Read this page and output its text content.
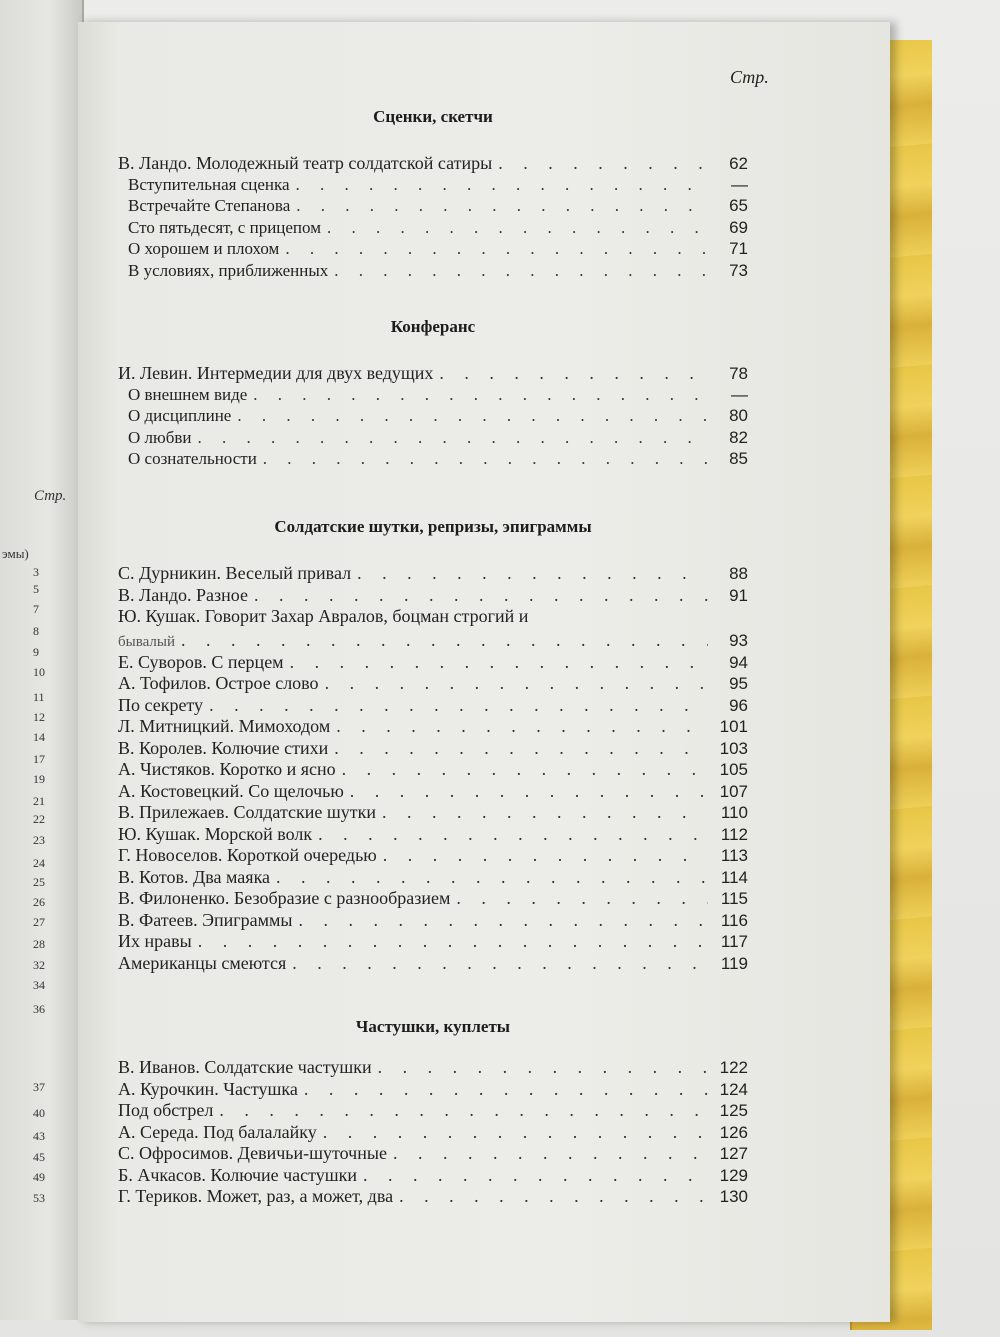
Стр.
эмы)
3
5
7
8
9
10
11
12
14
17
19
21
22
23
24
25
26
27
28
32
34
36
37
40
43
45
49
53
Стр.
Сценки, скетчи
В. Ландо. Молодежный театр солдатской сатиры . . .	62
Вступительная сценка . . .	—
Встречайте Степанова . . .	65
Сто пятьдесят, с прицепом . . .	69
О хорошем и плохом . . .	71
В условиях, приближенных . . .	73
Конферанс
И. Левин. Интермедии для двух ведущих . . .	78
О внешнем виде . . .	—
О дисциплине . . .	80
О любви . . .	82
О сознательности . . .	85
Солдатские шутки, репризы, эпиграммы
С. Дурникин. Веселый привал . . .	88
В. Ландо. Разное . . .	91
Ю. Кушак. Говорит Захар Авралов, боцман строгий и
бывалый . . .	93
Е. Суворов. С перцем . . .	94
А. Тофилов. Острое слово . . .	95
По секрету . . .	96
Л. Митницкий. Мимоходом . . .	101
В. Королев. Колючие стихи . . .	103
А. Чистяков. Коротко и ясно . . .	105
А. Костовецкий. Со щелочью . . .	107
В. Прилежаев. Солдатские шутки . . .	110
Ю. Кушак. Морской волк . . .	112
Г. Новоселов. Короткой очередью . . .	113
В. Котов. Два маяка . . .	114
В. Филоненко. Безобразие с разнообразием . . .	115
В. Фатеев. Эпиграммы . . .	116
Их нравы . . .	117
Американцы смеются . . .	119
Частушки, куплеты
В. Иванов. Солдатские частушки . . .	122
А. Курочкин. Частушка . . .	124
Под обстрел . . .	125
А. Середа. Под балалайку . . .	126
С. Офросимов. Девичьи-шуточные . . .	127
Б. Ачкасов. Колючие частушки . . .	129
Г. Териков. Может, раз, а может, два . . .	130
